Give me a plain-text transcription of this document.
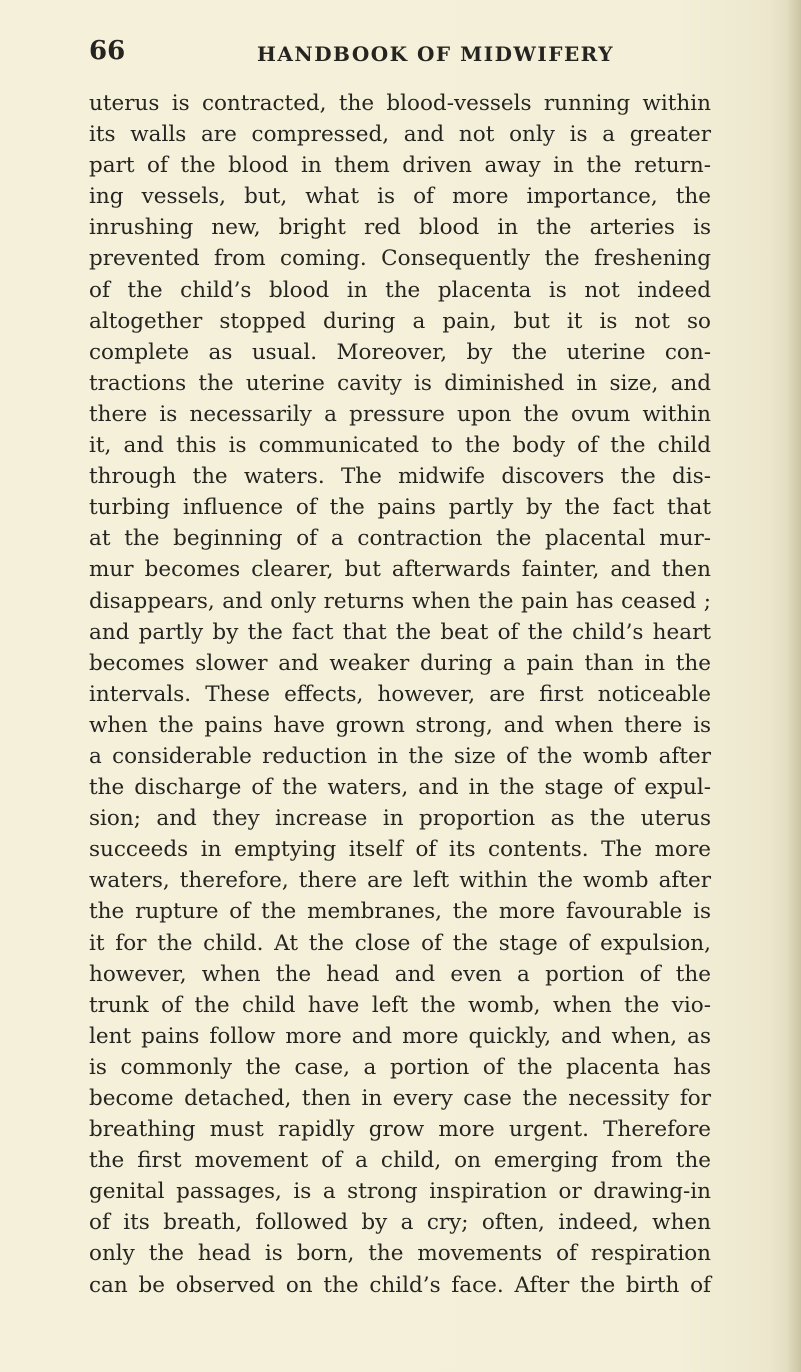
66	HANDBOOK OF MIDWIFERY
uterus is contracted, the blood-vessels running within
its walls are compressed, and not only is a greater
part of the blood in them driven away in the return-
ing vessels, but, what is of more importance, the
inrushing new, bright red blood in the arteries is
prevented from coming. Consequently the freshening
of the child’s blood in the placenta is not indeed
altogether stopped during a pain, but it is not so
complete as usual. Moreover, by the uterine con-
tractions the uterine cavity is diminished in size, and
there is necessarily a pressure upon the ovum within
it, and this is communicated to the body of the child
through the waters. The midwife discovers the dis-
turbing influence of the pains partly by the fact that
at the beginning of a contraction the placental mur-
mur becomes clearer, but afterwards fainter, and then
disappears, and only returns when the pain has ceased ;
and partly by the fact that the beat of the child’s heart
becomes slower and weaker during a pain than in the
intervals. These effects, however, are first noticeable
when the pains have grown strong, and when there is
a considerable reduction in the size of the womb after
the discharge of the waters, and in the stage of expul-
sion; and they increase in proportion as the uterus
succeeds in emptying itself of its contents. The more
waters, therefore, there are left within the womb after
the rupture of the membranes, the more favourable is
it for the child. At the close of the stage of expulsion,
however, when the head and even a portion of the
trunk of the child have left the womb, when the vio-
lent pains follow more and more quickly, and when, as
is commonly the case, a portion of the placenta has
become detached, then in every case the necessity for
breathing must rapidly grow more urgent. Therefore
the first movement of a child, on emerging from the
genital passages, is a strong inspiration or drawing-in
of its breath, followed by a cry; often, indeed, when
only the head is born, the movements of respiration
can be observed on the child’s face. After the birth of
